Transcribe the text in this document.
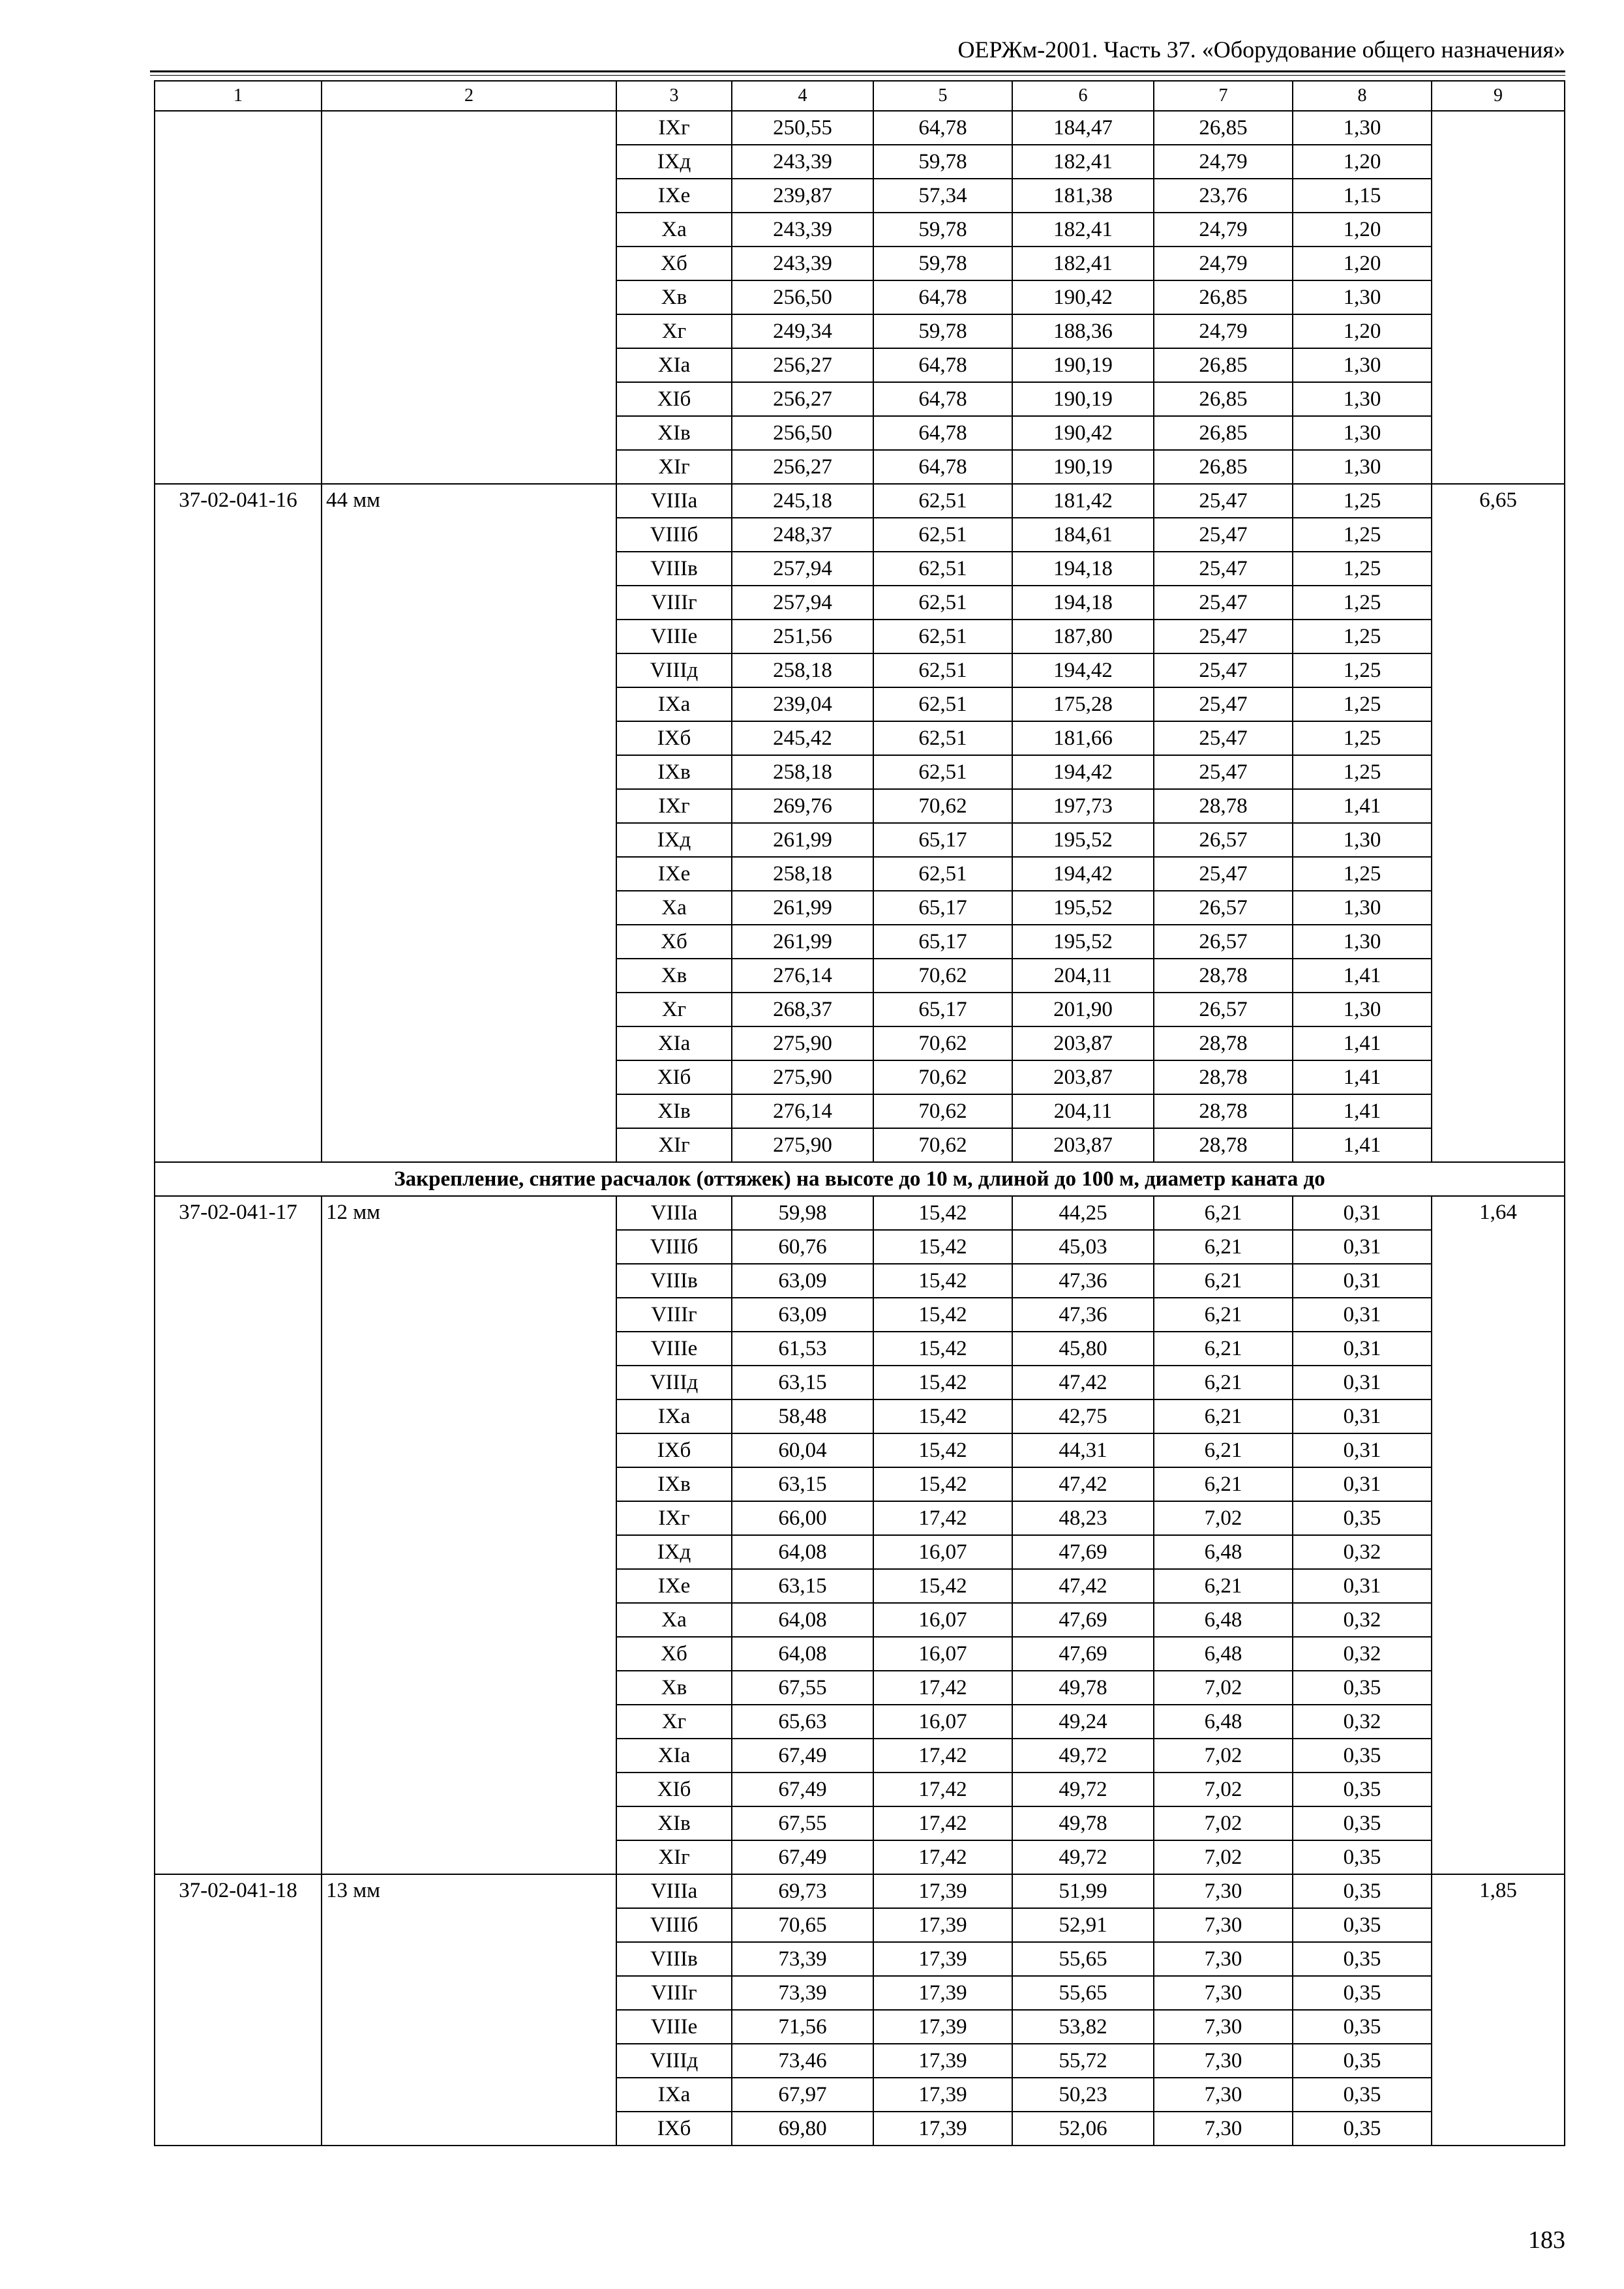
ОЕРЖм-2001. Часть 37. «Оборудование общего назначения»
1	2	3	4	5	6	7	8	9
		IXг	250,55	64,78	184,47	26,85	1,30	
		IXд	243,39	59,78	182,41	24,79	1,20	
		IXе	239,87	57,34	181,38	23,76	1,15	
		Xа	243,39	59,78	182,41	24,79	1,20	
		Xб	243,39	59,78	182,41	24,79	1,20	
		Xв	256,50	64,78	190,42	26,85	1,30	
		Xг	249,34	59,78	188,36	24,79	1,20	
		XIа	256,27	64,78	190,19	26,85	1,30	
		XIб	256,27	64,78	190,19	26,85	1,30	
		XIв	256,50	64,78	190,42	26,85	1,30	
		XIг	256,27	64,78	190,19	26,85	1,30	
37-02-041-16	44 мм	VIIIа	245,18	62,51	181,42	25,47	1,25	6,65
		VIIIб	248,37	62,51	184,61	25,47	1,25	
		VIIIв	257,94	62,51	194,18	25,47	1,25	
		VIIIг	257,94	62,51	194,18	25,47	1,25	
		VIIIе	251,56	62,51	187,80	25,47	1,25	
		VIIIд	258,18	62,51	194,42	25,47	1,25	
		IXа	239,04	62,51	175,28	25,47	1,25	
		IXб	245,42	62,51	181,66	25,47	1,25	
		IXв	258,18	62,51	194,42	25,47	1,25	
		IXг	269,76	70,62	197,73	28,78	1,41	
		IXд	261,99	65,17	195,52	26,57	1,30	
		IXе	258,18	62,51	194,42	25,47	1,25	
		Xа	261,99	65,17	195,52	26,57	1,30	
		Xб	261,99	65,17	195,52	26,57	1,30	
		Xв	276,14	70,62	204,11	28,78	1,41	
		Xг	268,37	65,17	201,90	26,57	1,30	
		XIа	275,90	70,62	203,87	28,78	1,41	
		XIб	275,90	70,62	203,87	28,78	1,41	
		XIв	276,14	70,62	204,11	28,78	1,41	
		XIг	275,90	70,62	203,87	28,78	1,41	
Закрепление, снятие расчалок (оттяжек) на высоте до 10 м, длиной до 100 м, диаметр каната до								
37-02-041-17	12 мм	VIIIа	59,98	15,42	44,25	6,21	0,31	1,64
		VIIIб	60,76	15,42	45,03	6,21	0,31	
		VIIIв	63,09	15,42	47,36	6,21	0,31	
		VIIIг	63,09	15,42	47,36	6,21	0,31	
		VIIIе	61,53	15,42	45,80	6,21	0,31	
		VIIIд	63,15	15,42	47,42	6,21	0,31	
		IXа	58,48	15,42	42,75	6,21	0,31	
		IXб	60,04	15,42	44,31	6,21	0,31	
		IXв	63,15	15,42	47,42	6,21	0,31	
		IXг	66,00	17,42	48,23	7,02	0,35	
		IXд	64,08	16,07	47,69	6,48	0,32	
		IXе	63,15	15,42	47,42	6,21	0,31	
		Xа	64,08	16,07	47,69	6,48	0,32	
		Xб	64,08	16,07	47,69	6,48	0,32	
		Xв	67,55	17,42	49,78	7,02	0,35	
		Xг	65,63	16,07	49,24	6,48	0,32	
		XIа	67,49	17,42	49,72	7,02	0,35	
		XIб	67,49	17,42	49,72	7,02	0,35	
		XIв	67,55	17,42	49,78	7,02	0,35	
		XIг	67,49	17,42	49,72	7,02	0,35	
37-02-041-18	13 мм	VIIIа	69,73	17,39	51,99	7,30	0,35	1,85
		VIIIб	70,65	17,39	52,91	7,30	0,35	
		VIIIв	73,39	17,39	55,65	7,30	0,35	
		VIIIг	73,39	17,39	55,65	7,30	0,35	
		VIIIе	71,56	17,39	53,82	7,30	0,35	
		VIIIд	73,46	17,39	55,72	7,30	0,35	
		IXа	67,97	17,39	50,23	7,30	0,35	
		IXб	69,80	17,39	52,06	7,30	0,35	
183
